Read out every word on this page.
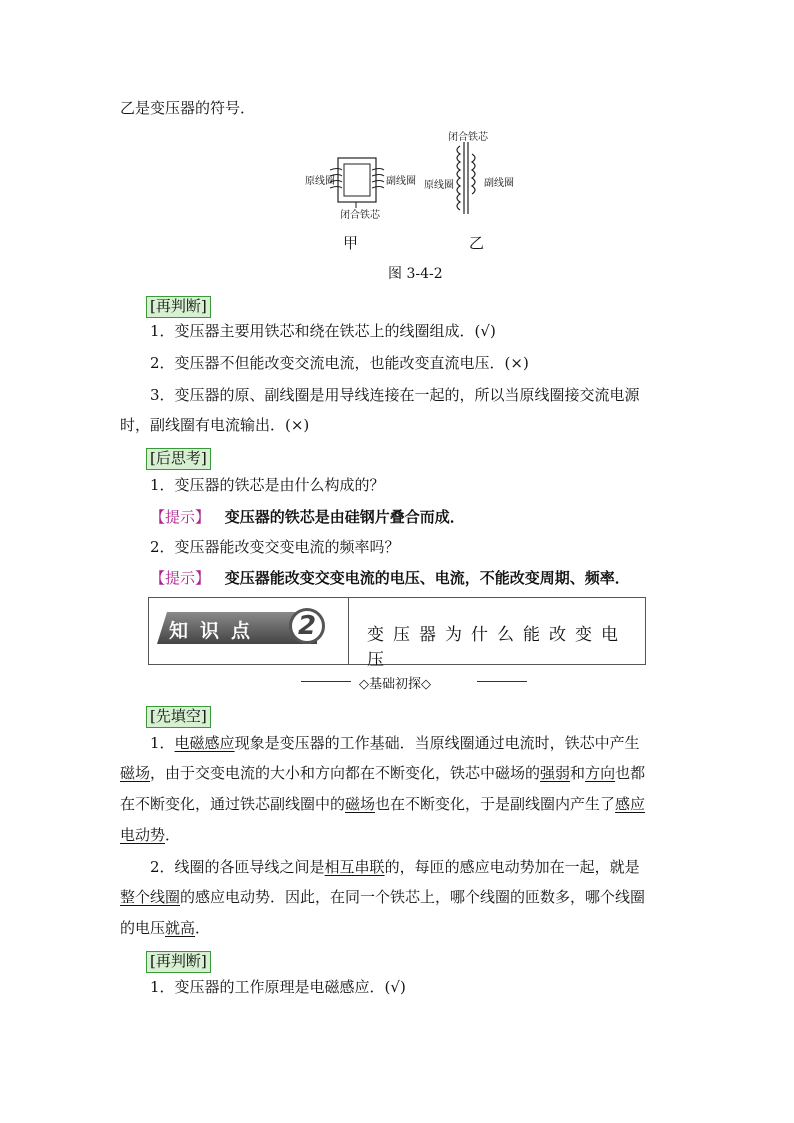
乙是变压器的符号．
原线圈	副线圈
闭合铁芯
闭合铁芯
原线圈	副线圈
甲	乙
图 3-4-2
[再判断]
1．变压器主要用铁芯和绕在铁芯上的线圈组成．(√)
2．变压器不但能改变交流电流，也能改变直流电压．(×)
3．变压器的原、副线圈是用导线连接在一起的，所以当原线圈接交流电源
时，副线圈有电流输出．(×)
[后思考]
1．变压器的铁芯是由什么构成的？
【提示】 变压器的铁芯是由硅钢片叠合而成．
2．变压器能改变交变电流的频率吗？
【提示】 变压器能改变交变电流的电压、电流，不能改变周期、频率．
知识点	2	变压器为什么能改变电压
◇基础初探◇
[先填空]
1．电磁感应现象是变压器的工作基础．当原线圈通过电流时，铁芯中产生
磁场，由于交变电流的大小和方向都在不断变化，铁芯中磁场的强弱和方向也都
在不断变化，通过铁芯副线圈中的磁场也在不断变化，于是副线圈内产生了感应
电动势．
2．线圈的各匝导线之间是相互串联的，每匝的感应电动势加在一起，就是
整个线圈的感应电动势．因此，在同一个铁芯上，哪个线圈的匝数多，哪个线圈
的电压就高．
[再判断]
1．变压器的工作原理是电磁感应．(√)
